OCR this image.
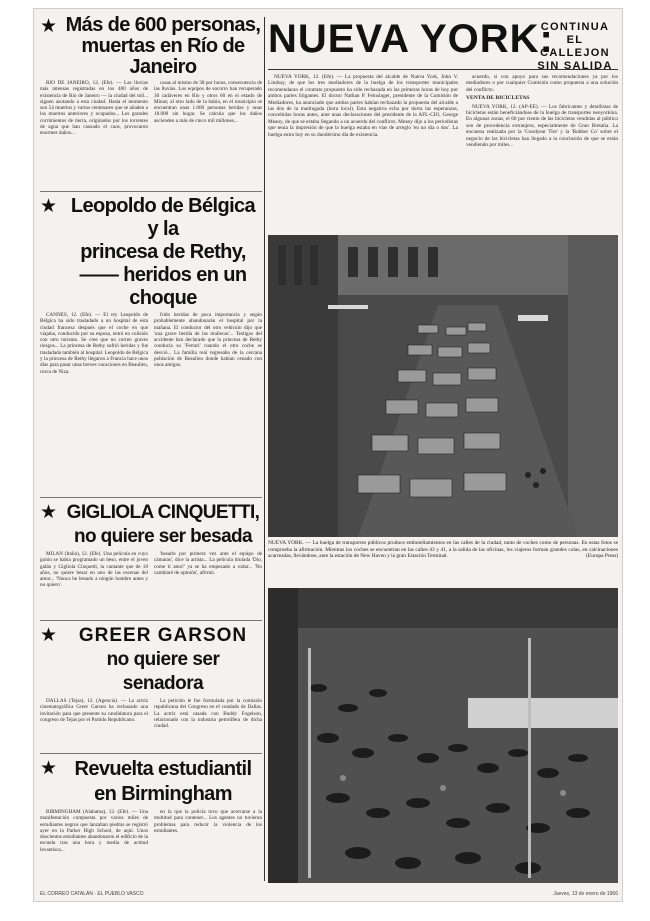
★ Más de 600 personas,
muertas en Río de Janeiro

RIO DE JANEIRO, 12. (Efe). — Las lluvias más intensas registradas en los 400 años de existencia de Río de Janeiro — la ciudad del mil... siguen azotando a esta ciudad. Hasta el momento son 54 muertos y varios centenares que se añaden a los muertos anteriores y ocupados... Los grandes corrimientos de tierra, originados por los torrentes de agua que han causado el caos, provocaron enormes daños...

casas al mismo de 38 por horas, consecuencia de las lluvias. Los equipos de socorro han recuperado 30 cadáveres en Río y otros 60 en el estado de Minas; al otro lado de la bahía, en el municipio se encuentran unas 1.000 personas heridas y unas 18.000 sin hogar. Se calcula que los daños ascienden a más de cinco mil millones...

★ Leopoldo de Bélgica y la
princesa de Rethy, —— heridos en un choque

CANNES, 12. (Efe). — El rey Leopoldo de Bélgica ha sido trasladado a un hospital de esta ciudad francesa después que el coche en que viajaba, conducido por su esposa, entró en colisión con otro turismo. Se cree que no corren graves riesgos... La princesa de Rethy sufrió heridas y fue trasladada también al hospital. Leopoldo de Bélgica y la princesa de Rethy llegaron a Francia hace unos días para pasar unas breves vacaciones en Beaulieu, cerca de Niza.

frido heridas de poca importancia y según probablemente abandonarán el hospital por la mañana. El conductor del otro vehículo dijo que 'una grave herida de las muñecas'... Testigos del accidente han declarado que la princesa de Rethy conducía su 'Ferrari' cuando el otro coche se desvió... La familia real regresaba de la cercana población de Beaulieu donde habían cenado con unos amigos.

★ GIGLIOLA CINQUETTI,
no quiere ser besada

MILAN (Italia), 12. (Efe). Una película en cuyo guión se había programado un beso, entre el joven galán y Gigliola Cinquetti, la cantante que de 18 años, no quiere besar en uno de las escenas del amor... 'Nunca he besado a ningún hombre antes y no quiero'.

'besarle por primera vez ante el equipo de cámaras', dice la artista... La película titulada 'Dio, come ti amo!' ya se ha empezado a rodar... 'No cambiaré de opinión', afirmó.

★	GREER GARSON
no quiere ser senadora

DALLAS (Tejas), 12. (Agencia). — La actriz cinematográfica Greer Garson ha rechazado una invitación para que presente su candidatura para el congreso de Tejas por el Partido Republicano.

La petición le fue formulada por la comisión republicana del Congreso en el condado de Dallas. La actriz está casada con Buddy Fogelson, relacionado con la industria petrolífera de dicha ciudad.

★ Revuelta estudiantil
en Birmingham

BIRMINGHAM (Alabama), 12. (Efe). — Una manifestación compuesta por varios miles de estudiantes negros que lanzaban piedras se registró ayer en la Parker High School, de aquí. Unos doscientos estudiantes abandonaron el edificio de la escuela tras una hora y media de actitud levantisca...

en la que la policía tuvo que acercarse a la multitud para contener... Los agentes no tuvieron problemas para reducir la violencia de los estudiantes.

NUEVA YORK:
CONTINUA EL CALLEJON SIN SALIDA

NUEVA YORK, 12. (Efe). — La propuesta del alcalde de Nueva York, John V. Lindsay, de que los tres mediadores de la huelga de los transportes municipales recomendaran el contrato propuesto ha sido rechazada en las primeras horas de hoy por ambos partes litigantes. El doctor Nathan P. Feinsinger, presidente de la Comisión de Mediadores, ha anunciado que ambas partes habían rechazado la propuesta del alcalde a las dos de la madrugada (hora local). Esta negativa echa por tierra las esperanzas, concebidas horas antes, ante unas declaraciones del presidente de la AFL-CIO, George Meany, de que se estaba llegando a un acuerdo del conflicto. Meany dijo a los periodistas que tenía la impresión de que la huelga estaba en vías de arreglo 'en un día o dos'. La huelga entra hoy en su duodécimo día de existencia.

acuerdo, si con apoyo para sus recomendaciones ya por los mediadores o por cualquier Comisión como propuesta a una solución del conflicto.

VENTA DE BICICLETAS

NUEVA YORK, 12. (AP-EE). — Los fabricantes y detallistas de bicicletas están beneficiándose de la huelga de transportes neoyorkina. En algunas zonas, el 60 por ciento de las bicicletas vendidas al público son de procedencia extranjera, especialmente de Gran Bretaña. La encuesta realizada por la 'Goodyear Tire' y la 'Rubber Co' sobre el negocio de las bicicletas han llegado a la conclusión de que se están vendiendo por miles...

NUEVA YORK. — La huelga de transportes públicos produce embotellamientos en las calles de la ciudad, tanto de coches como de personas. En estas fotos se comprueba la afirmación. Mientras los coches se encuentran en las calles 43 y 41, a la salida de las oficinas, los viajeros forman grandes colas, en calcinaciones acarreadas, llevándose, ante la estación de New Haven y la gran Estación Terminal.	(Europa Press)
EL CORREO CATALÁN · EL PUEBLO VASCO	Jueves, 13 de enero de 1966
